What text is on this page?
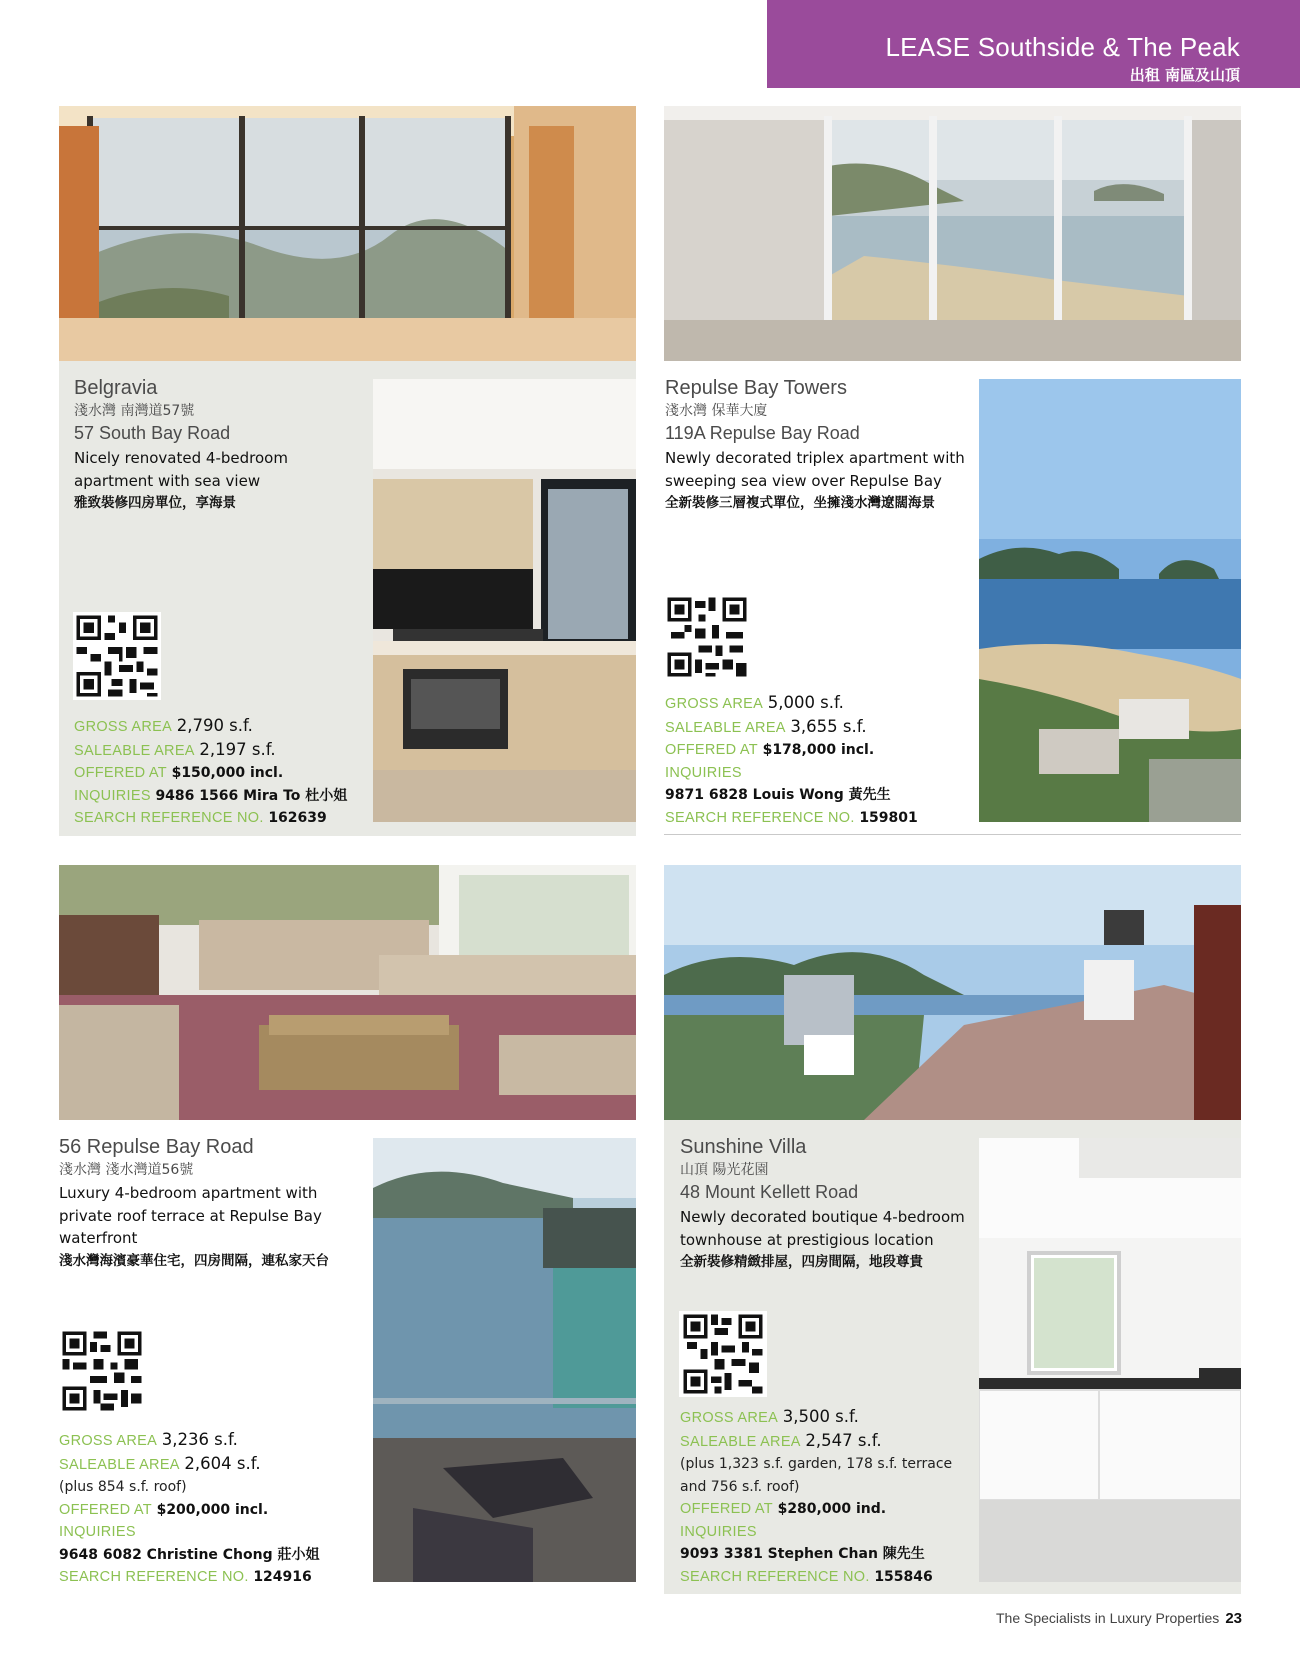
LEASE Southside & The Peak
出租 南區及山頂
Belgravia
淺水灣 南灣道57號
57 South Bay Road
Nicely renovated 4-bedroom apartment with sea view
雅致裝修四房單位，享海景
GROSS AREA 2,790 s.f.
SALEABLE AREA 2,197 s.f.
OFFERED AT $150,000 incl.
INQUIRIES 9486 1566 Mira To 杜小姐
SEARCH REFERENCE NO. 162639
Repulse Bay Towers
淺水灣 保華大廈
119A Repulse Bay Road
Newly decorated triplex apartment with sweeping sea view over Repulse Bay
全新裝修三層複式單位，坐擁淺水灣遼闊海景
GROSS AREA 5,000 s.f.
SALEABLE AREA 3,655 s.f.
OFFERED AT $178,000 incl.
INQUIRIES
9871 6828 Louis Wong 黃先生
SEARCH REFERENCE NO. 159801
56 Repulse Bay Road
淺水灣 淺水灣道56號
Luxury 4-bedroom apartment with private roof terrace at Repulse Bay waterfront
淺水灣海濱豪華住宅，四房間隔，連私家天台
GROSS AREA 3,236 s.f.
SALEABLE AREA 2,604 s.f.
(plus 854 s.f. roof)
OFFERED AT $200,000 incl.
INQUIRIES
9648 6082 Christine Chong 莊小姐
SEARCH REFERENCE NO. 124916
Sunshine Villa
山頂 陽光花園
48 Mount Kellett Road
Newly decorated boutique 4-bedroom townhouse at prestigious location
全新裝修精緻排屋，四房間隔，地段尊貴
GROSS AREA 3,500 s.f.
SALEABLE AREA 2,547 s.f.
(plus 1,323 s.f. garden, 178 s.f. terrace and 756 s.f. roof)
OFFERED AT $280,000 ind.
INQUIRIES
9093 3381 Stephen Chan 陳先生
SEARCH REFERENCE NO. 155846
The Specialists in Luxury Properties 23
